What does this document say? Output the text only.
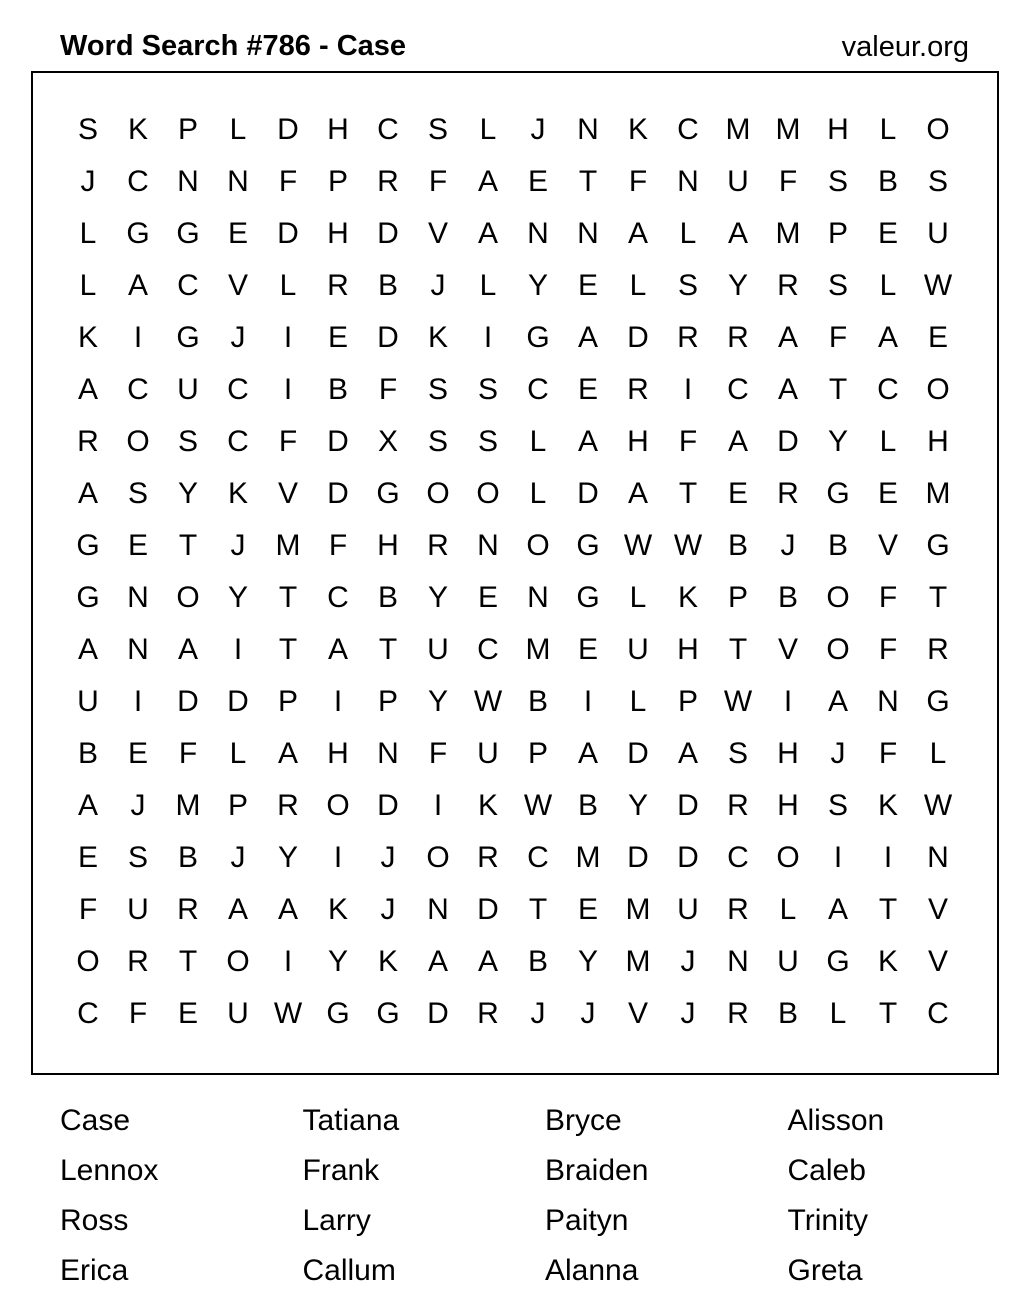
Word Search #786 - Case	valeur.org
S K P	L	D H C S	L	J	N K C M M H	L O
J	C N N	F	P R	F	A E	T	F	N U	F	S B S
L G G E D H D V A N N A	L	A M P E U
L	A C V	L	R B	J	L	Y E	L	S Y R S	L W
K	I	G	J	I	E D K	I	G A D R R A	F	A E
A C U C	I	B	F	S S C E R	I	C A	T	C O
R O S C	F	D X S S	L	A H	F	A D Y	L	H
A S Y K V D G O O L	D A	T	E R G E M
G E	T	J	M F	H R N O G W W B	J	B V G
G N O Y	T	C B Y E N G L	K P B O F	T
A N A	I	T	A	T	U C M E U H	T	V O F	R
U	I	D D P	I	P Y W B	I	L	P W	I	A N G
B E	F	L	A H N	F	U P A D A S H	J	F	L
A	J	M P R O D	I	K W B Y D R H S K W
E S B	J	Y	I	J	O R C M D D C O	I	I	N
F	U R A A K	J	N D	T	E M U R	L	A	T	V
O R	T O	I	Y K A A B Y M	J	N U G K V
C	F	E U W G G D R	J	J	V	J	R B	L	T	C
Case	Tatiana	Bryce	Alisson
Lennox	Frank	Braiden	Caleb
Ross	Larry	Paityn	Trinity
Erica	Callum	Alanna	Greta
